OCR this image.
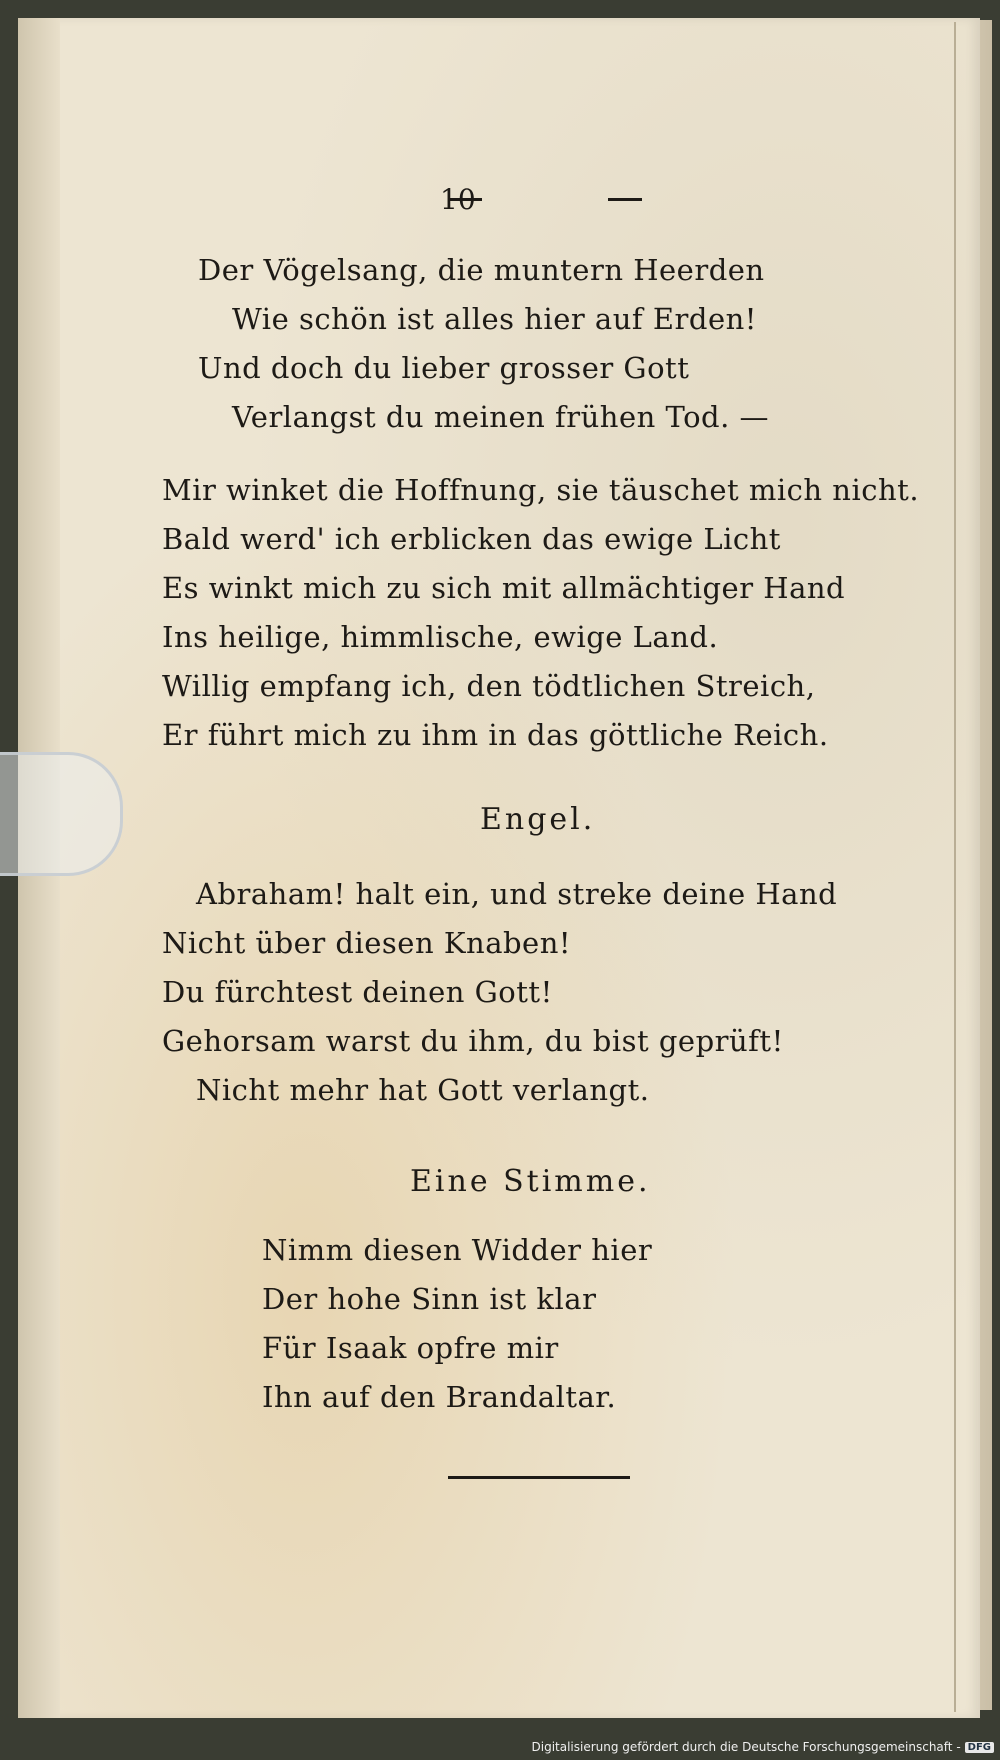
10
Der Vögelsang, die muntern Heerden
Wie schön ist alles hier auf Erden!
Und doch du lieber grosser Gott
Verlangst du meinen frühen Tod. —
Mir winket die Hoffnung, sie täuschet mich nicht.
Bald werd' ich erblicken das ewige Licht
Es winkt mich zu sich mit allmächtiger Hand
Ins heilige, himmlische, ewige Land.
Willig empfang ich, den tödtlichen Streich,
Er führt mich zu ihm in das göttliche Reich.
Engel.
Abraham! halt ein, und streke deine Hand
Nicht über diesen Knaben!
Du fürchtest deinen Gott!
Gehorsam warst du ihm, du bist geprüft!
Nicht mehr hat Gott verlangt.
Eine Stimme.
Nimm diesen Widder hier
Der hohe Sinn ist klar
Für Isaak opfre mir
Ihn auf den Brandaltar.
Digitalisierung gefördert durch die Deutsche Forschungsgemeinschaft - DFG
